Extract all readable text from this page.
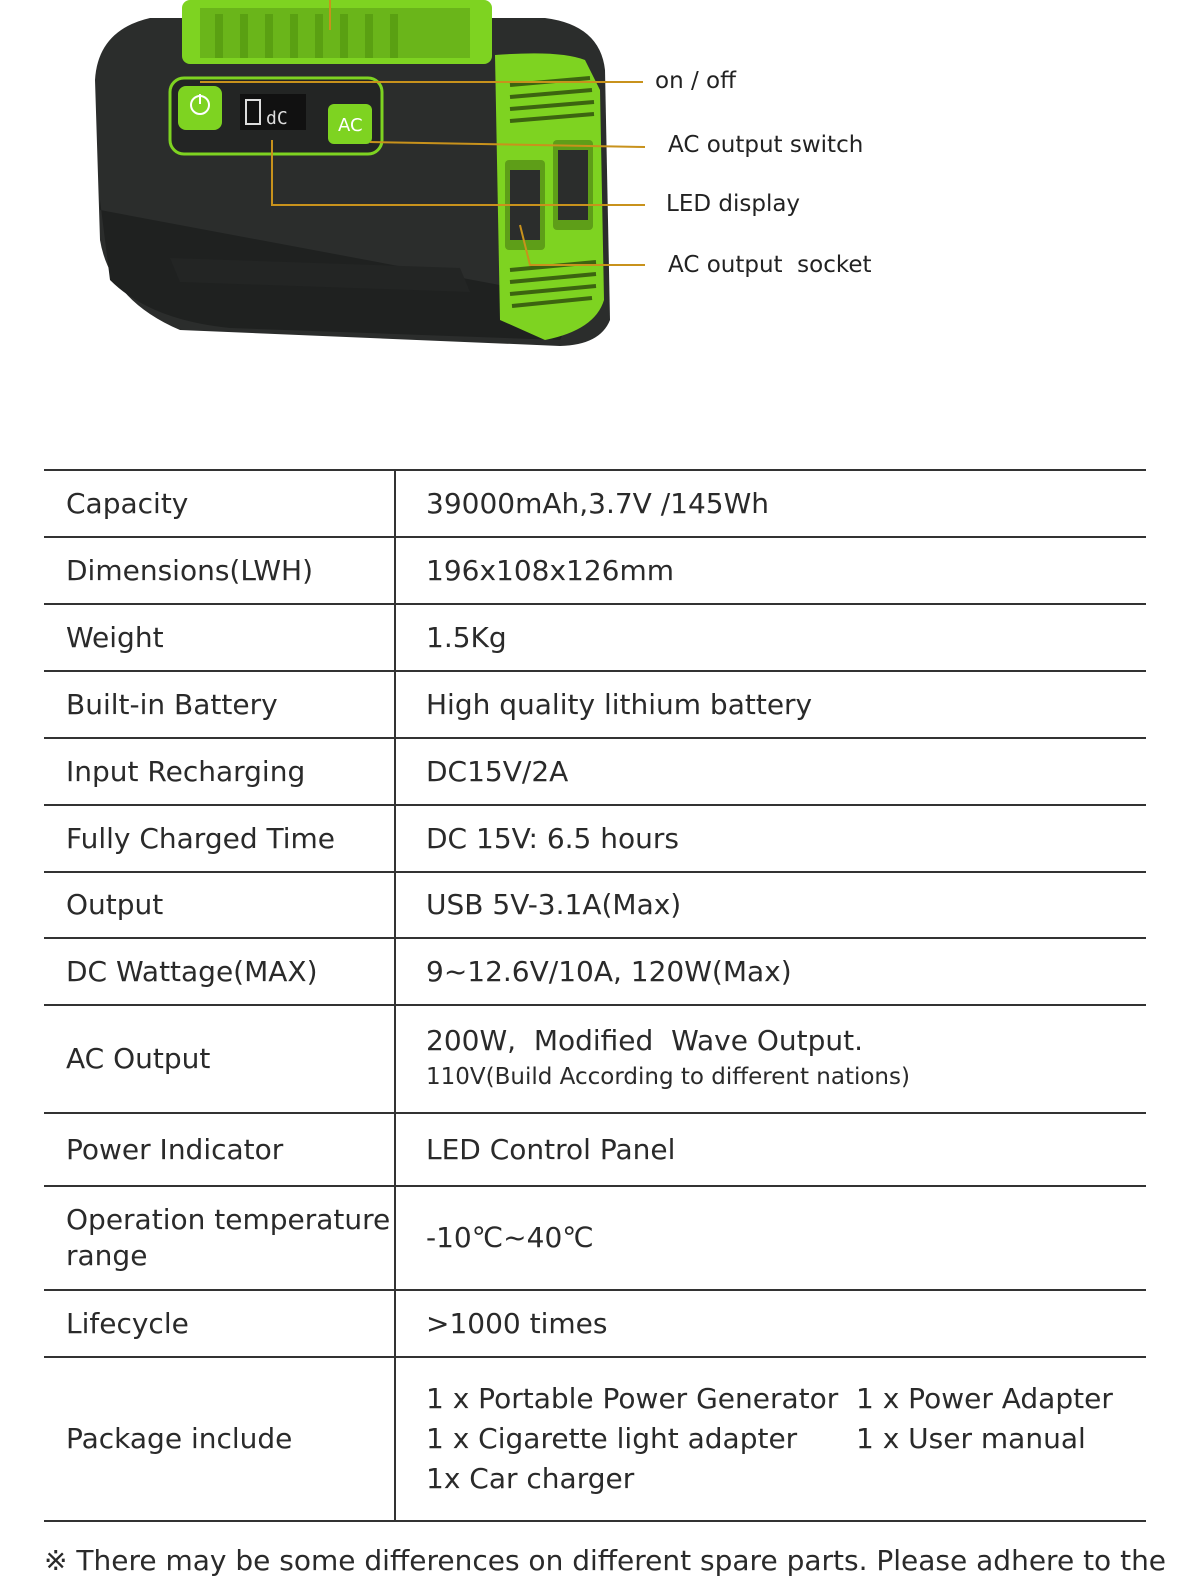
dC	AC
on / off
AC output switch
LED display
AC output  socket
Capacity	39000mAh,3.7V /145Wh
Dimensions(LWH)	196x108x126mm
Weight	1.5Kg
Built-in Battery	High quality lithium battery
Input Recharging	DC15V/2A
Fully Charged Time	DC 15V: 6.5 hours
Output	USB 5V-3.1A(Max)
DC Wattage(MAX)	9~12.6V/10A, 120W(Max)
AC Output	200W,  Modified  Wave Output.
110V(Build According to different nations)

Power Indicator	LED Control Panel

Operation temperature
range	-10℃~40℃
Lifecycle	>1000 times
Package include	1 x Portable Power Generator 1 x Power Adapter
1 x Cigarette light adapter 1 x User manual
1x Car charger
※ There may be some differences on different spare parts. Please adhere to the
